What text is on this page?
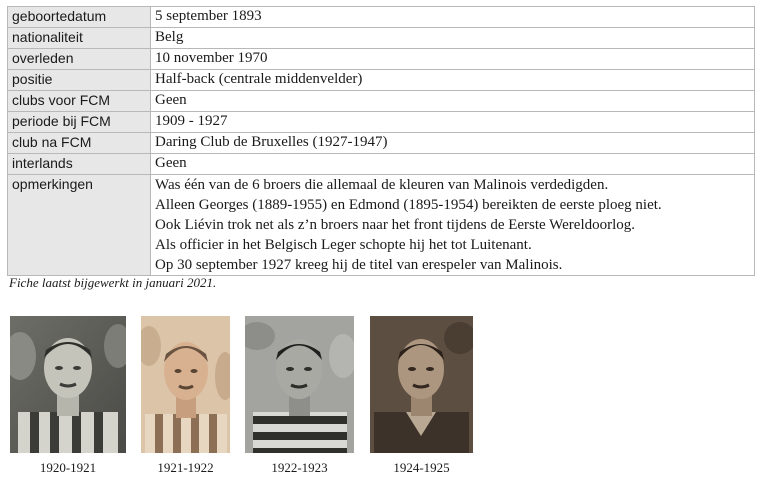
geboortedatum	5 september 1893
nationaliteit	Belg
overleden	10 november 1970
positie	Half-back (centrale middenvelder)
clubs voor FCM	Geen
periode bij FCM	1909 - 1927
club na FCM	Daring Club de Bruxelles (1927-1947)
interlands	Geen
opmerkingen	Was één van de 6 broers die allemaal de kleuren van Malinois verdedigden.
Alleen Georges (1889-1955) en Edmond (1895-1954) bereikten de eerste ploeg niet.
Ook Liévin trok net als z’n broers naar het front tijdens de Eerste Wereldoorlog.
Als officier in het Belgisch Leger schopte hij het tot Luitenant.
Op 30 september 1927 kreeg hij de titel van erespeler van Malinois.
Fiche laatst bijgewerkt in januari 2021.
1920-1921	1921-1922	1922-1923	1924-1925
